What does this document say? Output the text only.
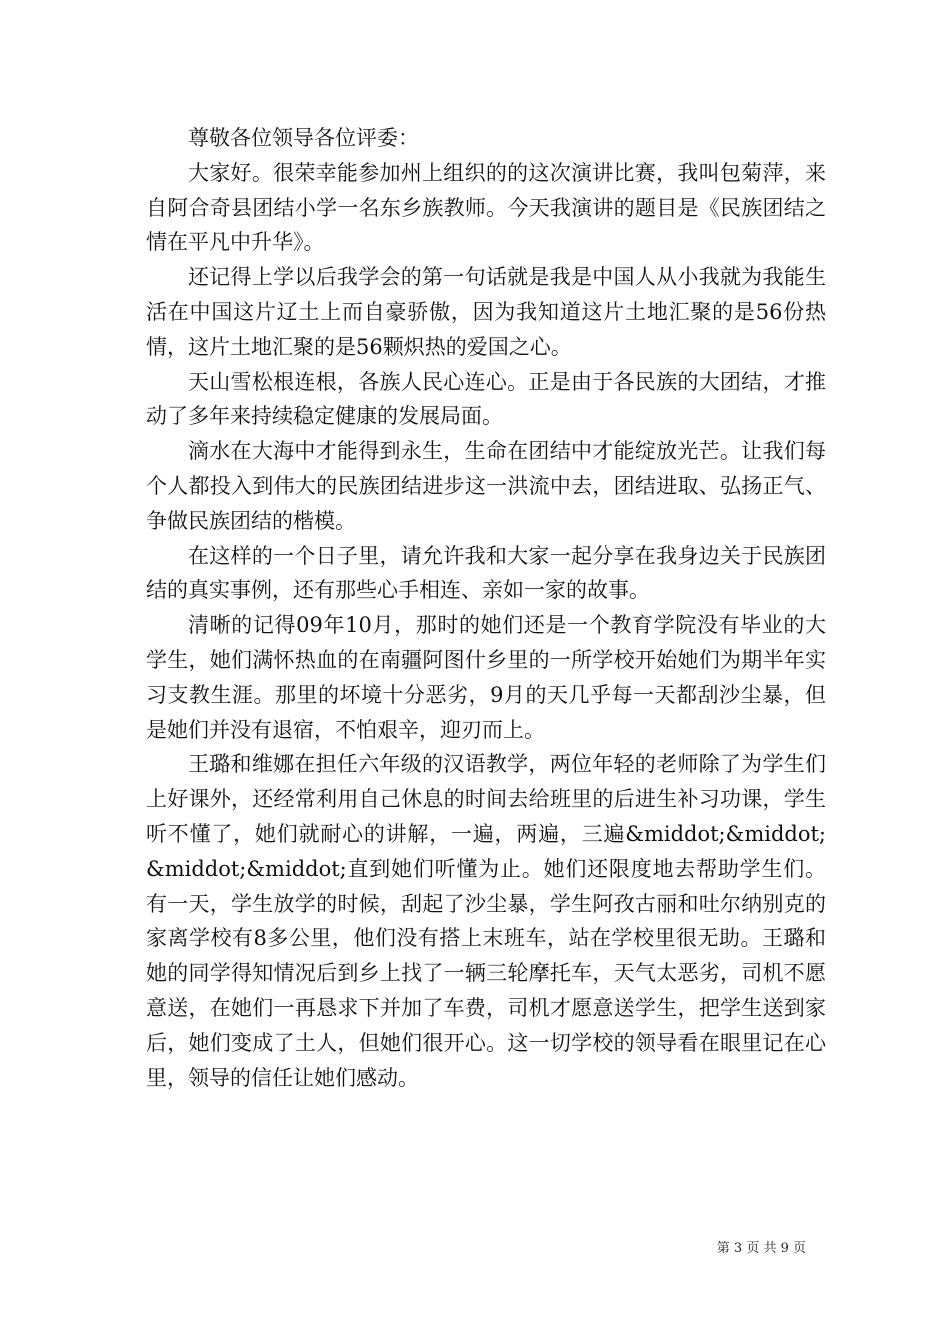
尊敬各位领导各位评委：

大家好。很荣幸能参加州上组织的的这次演讲比赛，我叫包菊萍，来自阿合奇县团结小学一名东乡族教师。今天我演讲的题目是《民族团结之情在平凡中升华》。

还记得上学以后我学会的第一句话就是我是中国人从小我就为我能生活在中国这片辽土上而自豪骄傲，因为我知道这片土地汇聚的是56份热情，这片土地汇聚的是56颗炽热的爱国之心。

天山雪松根连根，各族人民心连心。正是由于各民族的大团结，才推动了多年来持续稳定健康的发展局面。

滴水在大海中才能得到永生，生命在团结中才能绽放光芒。让我们每个人都投入到伟大的民族团结进步这一洪流中去，团结进取、弘扬正气、争做民族团结的楷模。

在这样的一个日子里，请允许我和大家一起分享在我身边关于民族团结的真实事例，还有那些心手相连、亲如一家的故事。

清晰的记得09年10月，那时的她们还是一个教育学院没有毕业的大学生，她们满怀热血的在南疆阿图什乡里的一所学校开始她们为期半年实习支教生涯。那里的坏境十分恶劣，9月的天几乎每一天都刮沙尘暴，但是她们并没有退宿，不怕艰辛，迎刃而上。

王璐和维娜在担任六年级的汉语教学，两位年轻的老师除了为学生们上好课外，还经常利用自己休息的时间去给班里的后进生补习功课，学生听不懂了，她们就耐心的讲解，一遍，两遍，三遍&middot;&middot;&middot;&middot;直到她们听懂为止。她们还限度地去帮助学生们。有一天，学生放学的时候，刮起了沙尘暴，学生阿孜古丽和吐尔纳别克的家离学校有8多公里，他们没有搭上末班车，站在学校里很无助。王璐和她的同学得知情况后到乡上找了一辆三轮摩托车，天气太恶劣，司机不愿意送，在她们一再恳求下并加了车费，司机才愿意送学生，把学生送到家后，她们变成了土人，但她们很开心。这一切学校的领导看在眼里记在心里，领导的信任让她们感动。

第 3 页 共 9 页
